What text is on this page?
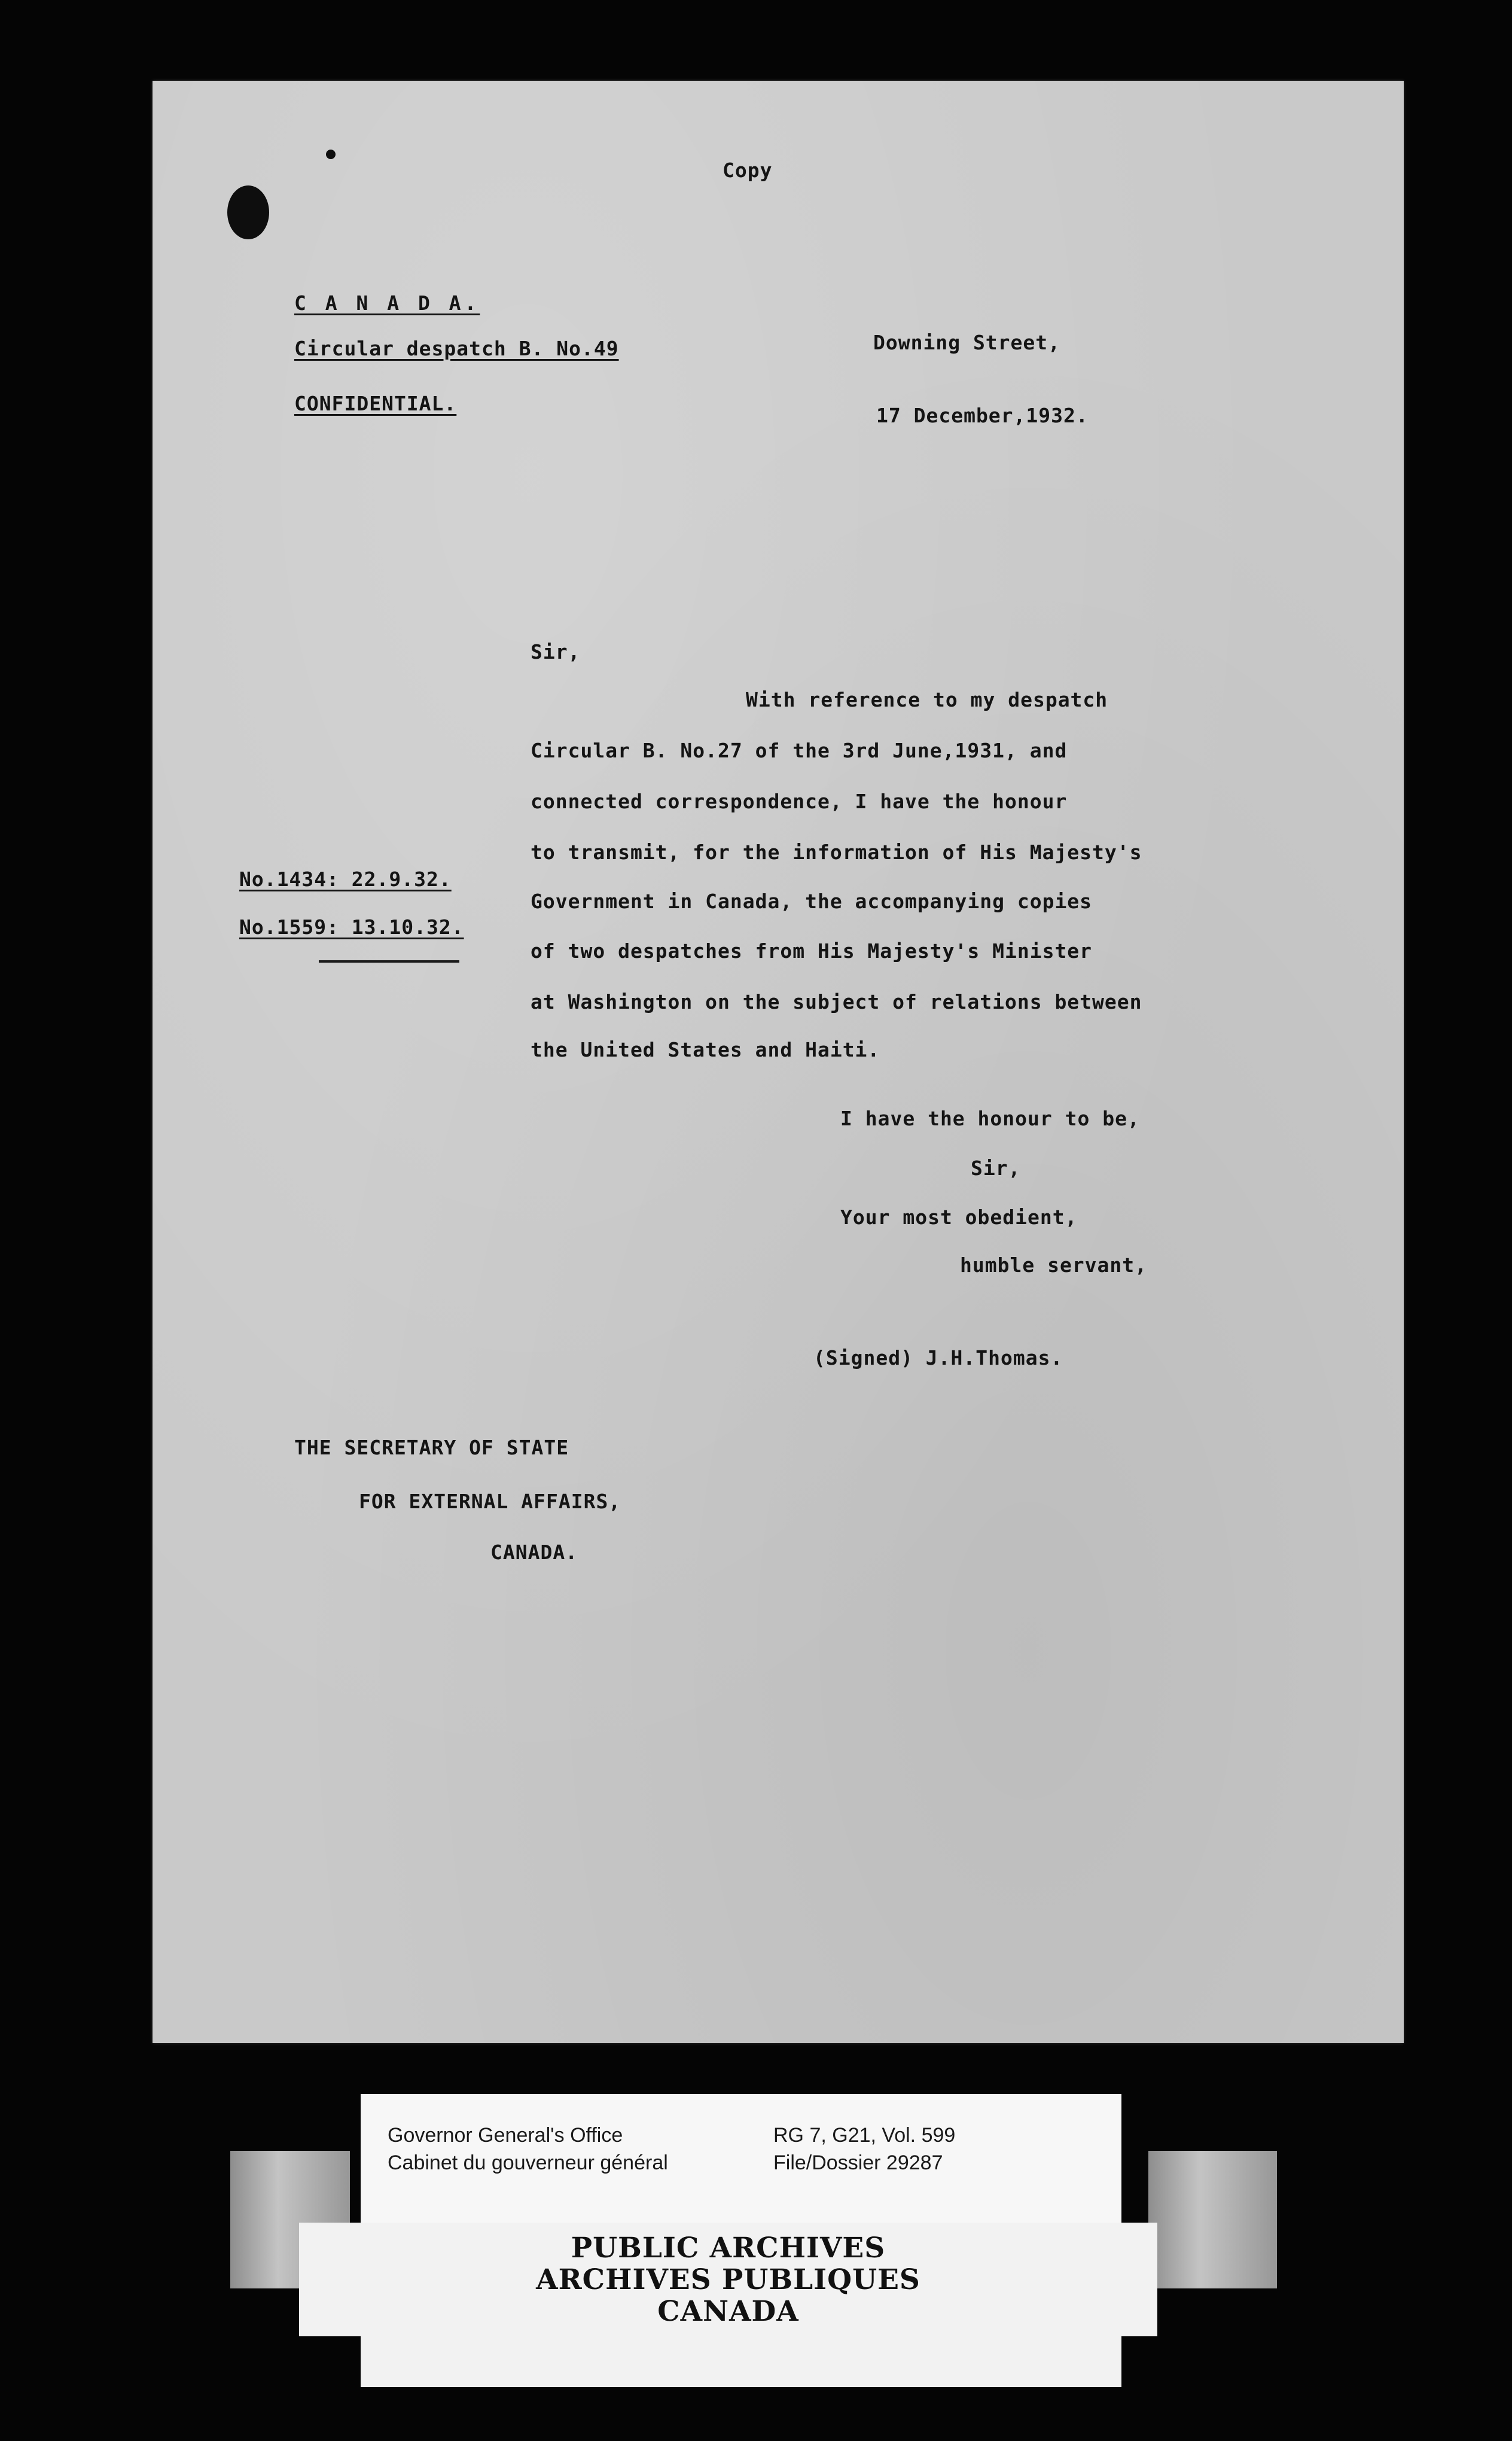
Copy
C A N A D A.
Circular despatch B. No.49
CONFIDENTIAL.
Downing Street,
17 December,1932.
Sir,
With reference to my despatch
Circular B. No.27 of the 3rd June,1931, and
connected correspondence, I have the honour
to transmit, for the information of His Majesty's
Government in Canada, the accompanying copies
of two despatches from His Majesty's Minister
at Washington on the subject of relations between
the United States and Haiti.
No.1434: 22.9.32.
No.1559: 13.10.32.
I have the honour to be,
Sir,
Your most obedient,
humble servant,
(Signed) J.H.Thomas.
THE SECRETARY OF STATE
FOR EXTERNAL AFFAIRS,
CANADA.
Governor General's Office
Cabinet du gouverneur général
RG 7, G21, Vol. 599
File/Dossier 29287
PUBLIC ARCHIVES
ARCHIVES PUBLIQUES
CANADA
